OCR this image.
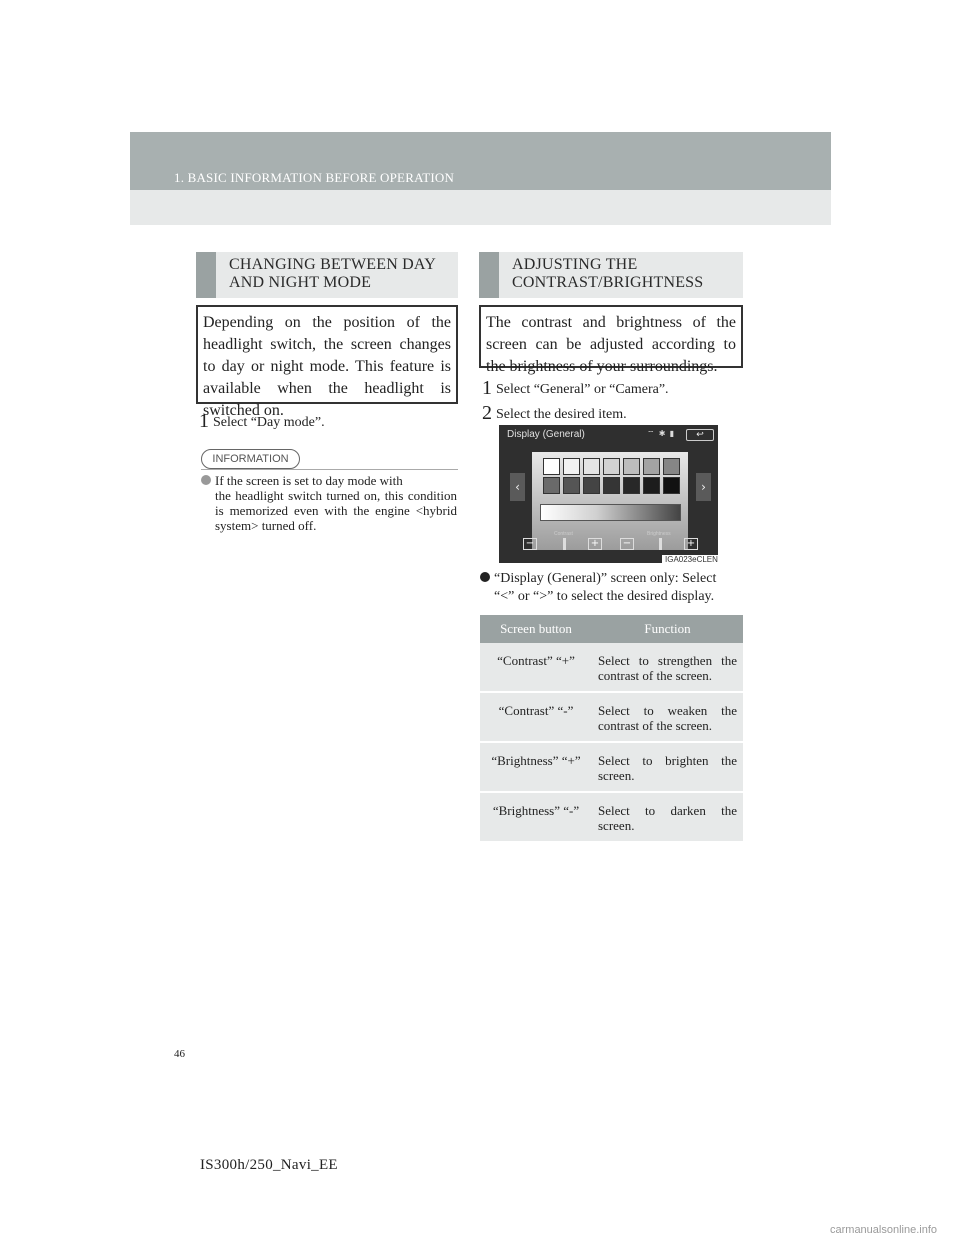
1. BASIC INFORMATION BEFORE OPERATION
CHANGING BETWEEN DAY
AND NIGHT MODE
Depending on the position of the headlight switch, the screen changes to day or night mode. This feature is available when the headlight is switched on.
1 Select “Day mode”.
INFORMATION
If the screen is set to day mode with
the headlight switch turned on, this condition is memorized even with the engine <hybrid system> turned off.
ADJUSTING THE
CONTRAST/BRIGHTNESS
The contrast and brightness of the screen can be adjusted according to the brightness of your surroundings.
1 Select “General” or “Camera”.
2 Select the desired item.
Display (General)	⌔ ✱ ▮	↩
‹	›
Contrast	Brightness
−	+ −	+
IGA023eCLEN
“Display (General)” screen only: Select
“<” or “>” to select the desired display.
Screen button	Function
“Contrast” “+”	Select to strengthen the contrast of the screen.
“Contrast” “-”	Select to weaken the contrast of the screen.
“Brightness” “+”	Select to brighten the screen.
“Brightness” “-”	Select to darken the screen.
46
IS300h/250_Navi_EE
carmanualsonline.info
